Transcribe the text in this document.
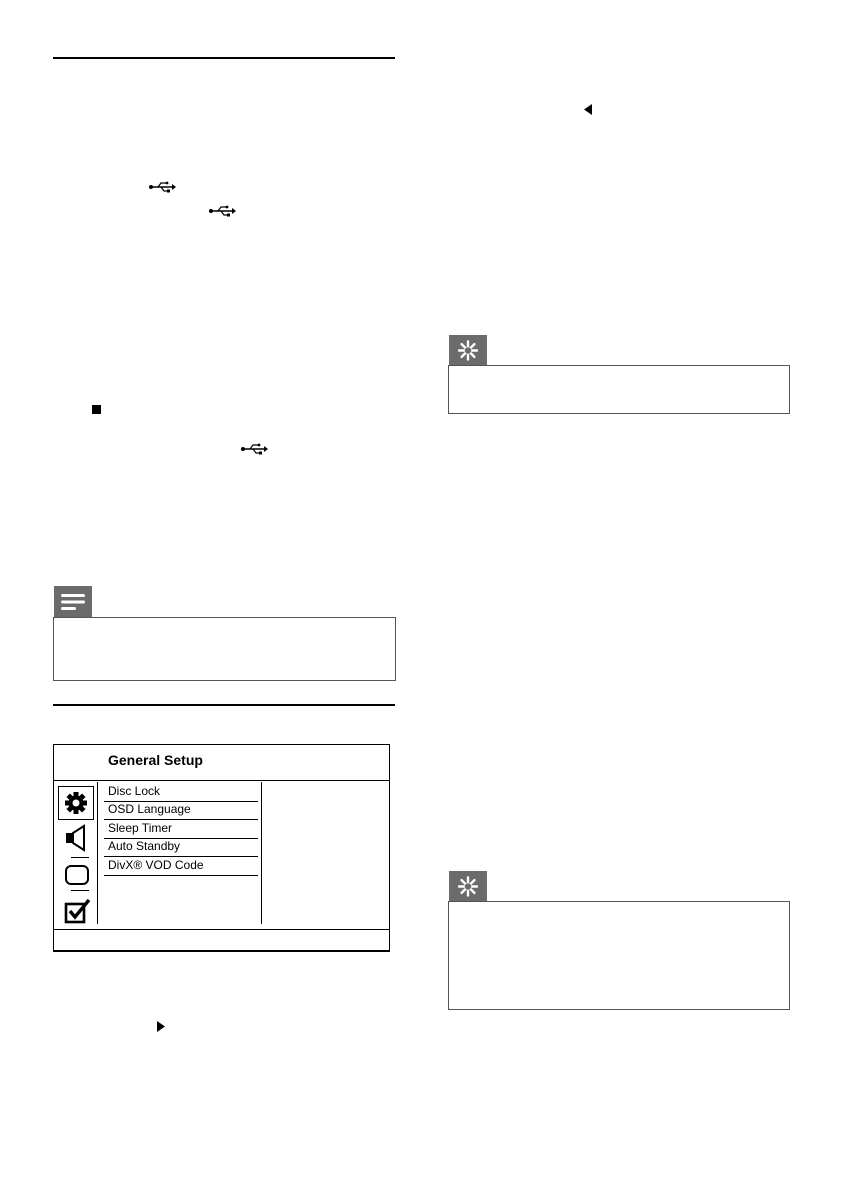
General Setup
Disc Lock
OSD Language
Sleep Timer
Auto Standby
DivX® VOD Code
